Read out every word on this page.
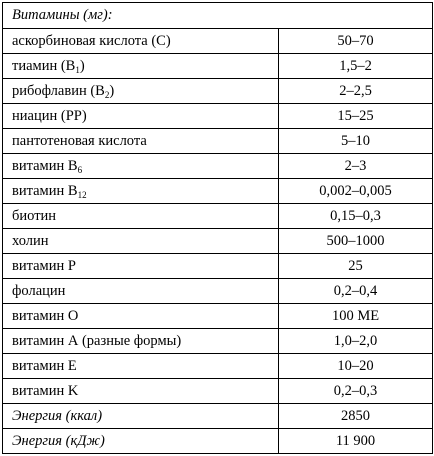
Витамины (мг):	
аскорбиновая кислота (С)	50–70
тиамин $(B_1)$	1,5–2
рибофлавин $(B_2)$	2–2,5
ниацин (PP)	15–25
пантотеновая кислота	5–10
витамин $B_6$	2–3
витамин $B_{12}$	0,002–0,005
биотин	0,15–0,3
холин	500–1000
витамин P	25
фолацин	0,2–0,4
витамин О	100 МЕ
витамин А (разные формы)	1,0–2,0
витамин Е	10–20
витамин K	0,2–0,3
Энергия (ккал)	2850
Энергия (кДж)	11 900
